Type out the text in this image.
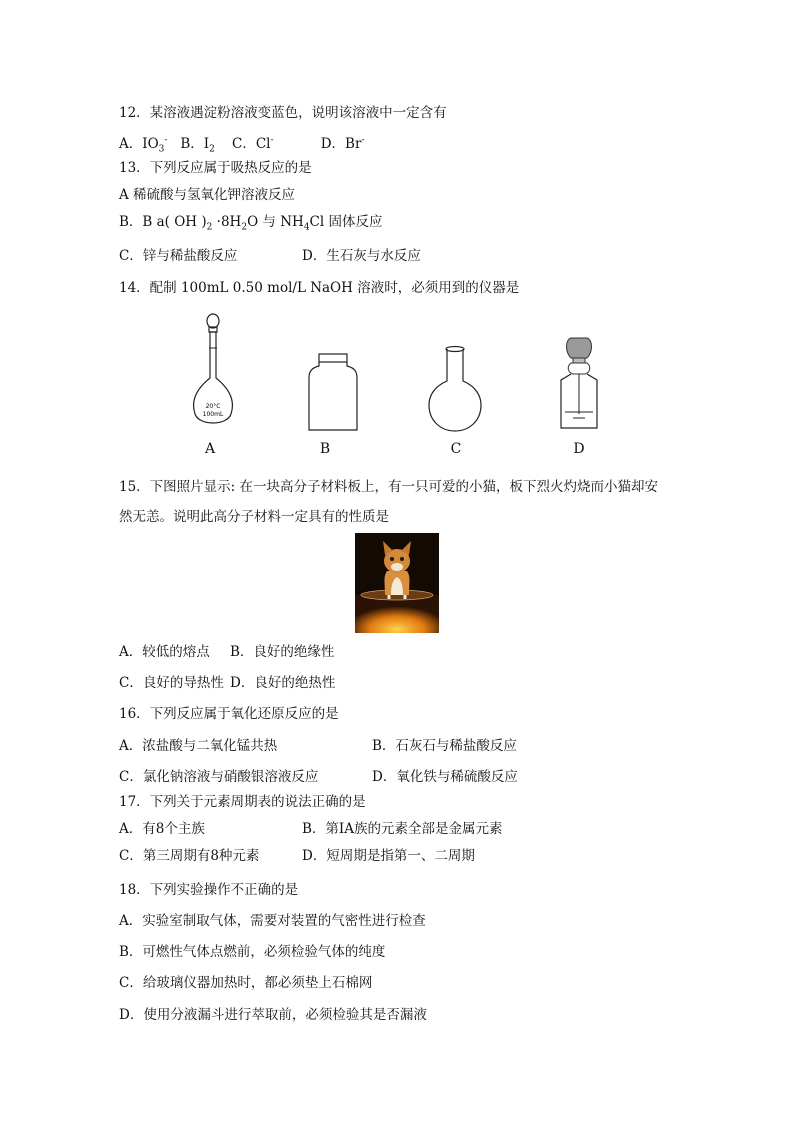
12．某溶液遇淀粉溶液变蓝色，说明该溶液中一定含有
A．$IO_3^-$ B．$I_2$ C．Cl-	D．Br-
13．下列反应属于吸热反应的是
A 稀硫酸与氢氧化钾溶液反应
B．B a( OH )$_2 \cdot 8H_2O$ 与 $NH_4Cl$ 固体反应
C．锌与稀盐酸反应	D．生石灰与水反应
14．配制 100mL 0.50 mol/L NaOH 溶液时，必须用到的仪器是
20°C
100mL
A	B	C	D
15．下图照片显示: 在一块高分子材料板上，有一只可爱的小猫，板下烈火灼烧而小猫却安
然无恙。说明此高分子材料一定具有的性质是
A．较低的熔点 B．良好的绝缘性
C．良好的导热性 D．良好的绝热性
16．下列反应属于氧化还原反应的是
A．浓盐酸与二氧化锰共热	B．石灰石与稀盐酸反应
C．氯化钠溶液与硝酸银溶液反应	D．氧化铁与稀硫酸反应
17．下列关于元素周期表的说法正确的是
A．有8个主族	B．第IA族的元素全部是金属元素
C．第三周期有8种元素	D．短周期是指第一、二周期
18．下列实验操作不正确的是
A．实验室制取气体，需要对装置的气密性进行检查
B．可燃性气体点燃前，必须检验气体的纯度
C．给玻璃仪器加热时，都必须垫上石棉网
D．使用分液漏斗进行萃取前，必须检验其是否漏液
